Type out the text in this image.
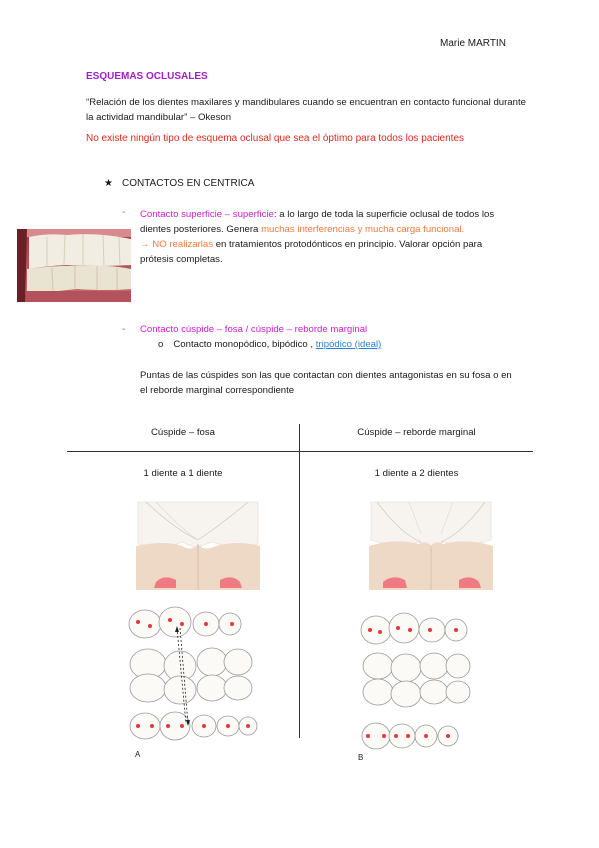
Marie MARTIN
ESQUEMAS OCLUSALES
“Relación de los dientes maxilares y mandibulares cuando se encuentran en contacto funcional durante la actividad mandibular” – Okeson
No existe ningún tipo de esquema oclusal que sea el óptimo para todos los pacientes
★ CONTACTOS EN CENTRICA
- Contacto superficie – superficie: a lo largo de toda la superficie oclusal de todos los dientes posteriores. Genera muchas interferencias y mucha carga funcional.
→ NO realizarlas en tratamientos protodónticos en principio. Valorar opción para prótesis completas.
- Contacto cúspide – fosa / cúspide – reborde marginal
o Contacto monopódico, bipódico , tripódico (ideal)
Puntas de las cúspides son las que contactan con dientes antagonistas en su fosa o en el reborde marginal correspondiente
Cúspide – fosa	Cúspide – reborde marginal
1 diente a 1 diente	1 diente a 2 dientes
A	B
